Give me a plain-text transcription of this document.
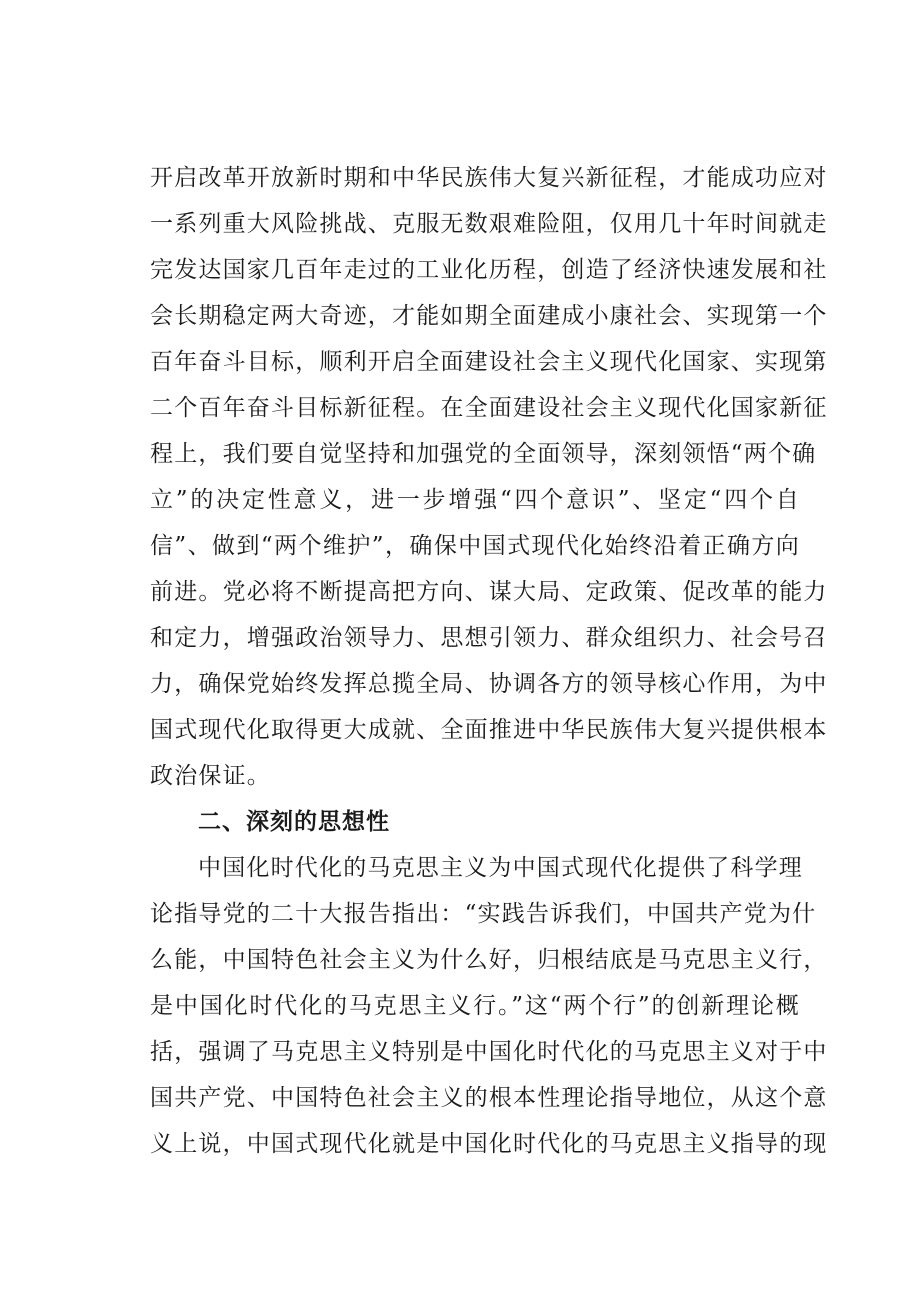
开启改革开放新时期和中华民族伟大复兴新征程，才能成功应对
一系列重大风险挑战、克服无数艰难险阻，仅用几十年时间就走
完发达国家几百年走过的工业化历程，创造了经济快速发展和社
会长期稳定两大奇迹，才能如期全面建成小康社会、实现第一个
百年奋斗目标，顺利开启全面建设社会主义现代化国家、实现第
二个百年奋斗目标新征程。在全面建设社会主义现代化国家新征
程上，我们要自觉坚持和加强党的全面领导，深刻领悟“两个确
立”的决定性意义，进一步增强“四个意识”、坚定“四个自
信”、做到“两个维护”，确保中国式现代化始终沿着正确方向
前进。党必将不断提高把方向、谋大局、定政策、促改革的能力
和定力，增强政治领导力、思想引领力、群众组织力、社会号召
力，确保党始终发挥总揽全局、协调各方的领导核心作用，为中
国式现代化取得更大成就、全面推进中华民族伟大复兴提供根本
政治保证。
二、深刻的思想性
中国化时代化的马克思主义为中国式现代化提供了科学理
论指导党的二十大报告指出：“实践告诉我们，中国共产党为什
么能，中国特色社会主义为什么好，归根结底是马克思主义行，
是中国化时代化的马克思主义行。”这“两个行”的创新理论概
括，强调了马克思主义特别是中国化时代化的马克思主义对于中
国共产党、中国特色社会主义的根本性理论指导地位，从这个意
义上说，中国式现代化就是中国化时代化的马克思主义指导的现
